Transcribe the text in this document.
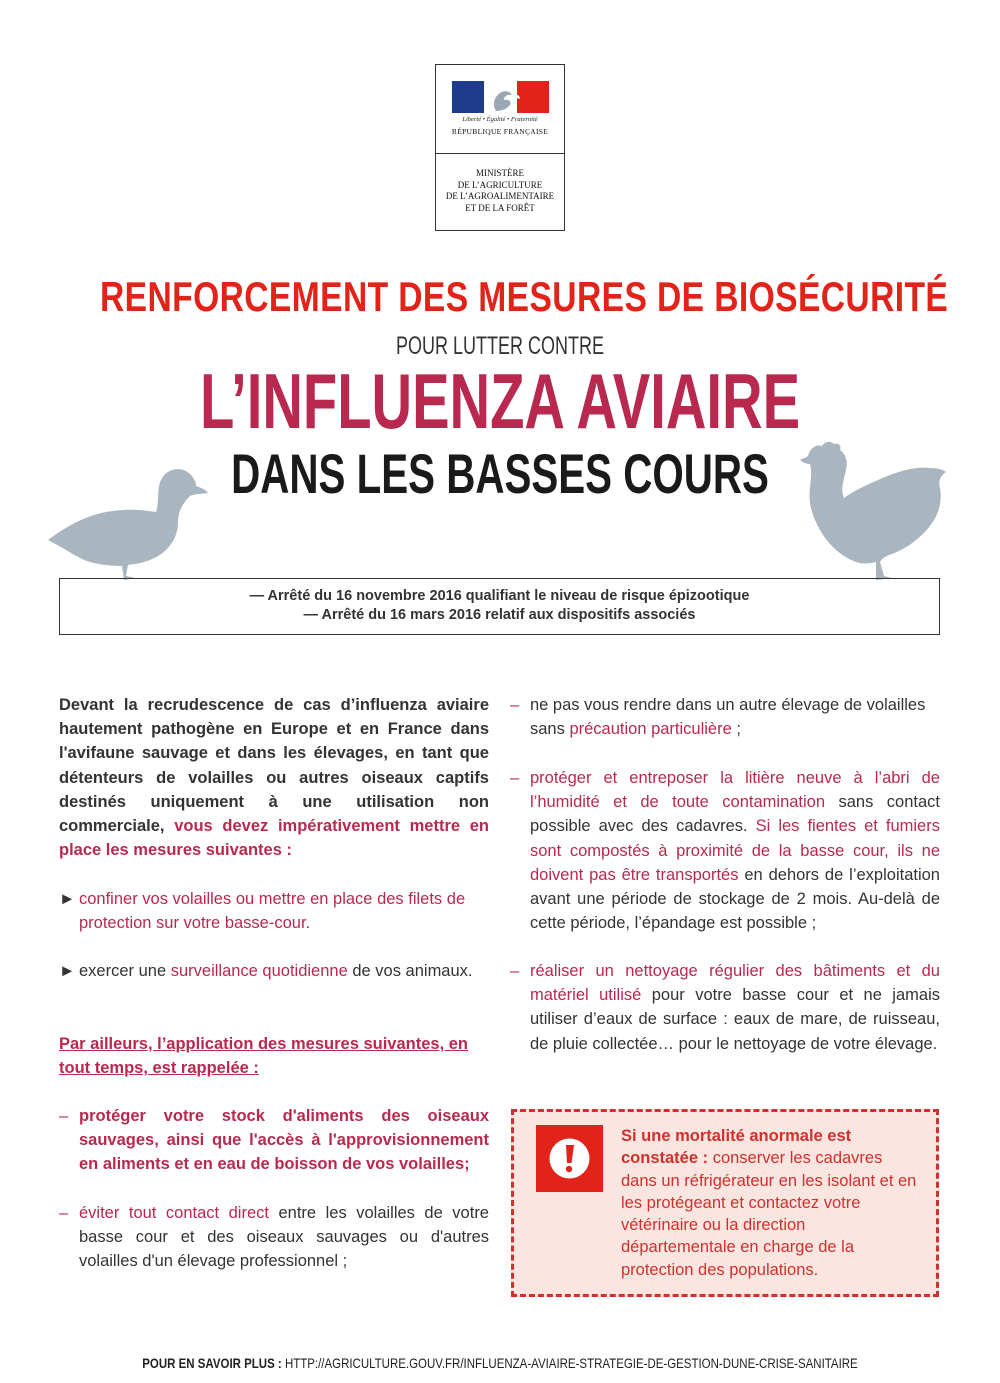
Liberté • Égalité • Fraternité
RÉPUBLIQUE FRANÇAISE
MINISTÈRE
DE L’AGRICULTURE
DE L’AGROALIMENTAIRE
ET DE LA FORÊT
RENFORCEMENT DES MESURES DE BIOSÉCURITÉ
POUR LUTTER CONTRE
L’INFLUENZA AVIAIRE
DANS LES BASSES COURS
— Arrêté du 16 novembre 2016 qualifiant le niveau de risque épizootique
— Arrêté du 16 mars 2016 relatif aux dispositifs associés
Devant la recrudescence de cas d’influenza aviaire hautement pathogène en Europe et en France dans l'avifaune sauvage et dans les élevages, en tant que détenteurs de volailles ou autres oiseaux captifs destinés uniquement à une utilisation non commerciale, vous devez impérativement mettre en place les mesures suivantes :
► confiner vos volailles ou mettre en place des filets de protection sur votre basse-cour.
► exercer une surveillance quotidienne de vos animaux.
Par ailleurs, l’application des mesures suivantes, en tout temps, est rappelée :
– protéger votre stock d'aliments des oiseaux sauvages, ainsi que l'accès à l'approvisionnement en aliments et en eau de boisson de vos volailles;
– éviter tout contact direct entre les volailles de votre basse cour et des oiseaux sauvages ou d'autres volailles d'un élevage professionnel ;
– ne pas vous rendre dans un autre élevage de volailles sans précaution particulière ;
– protéger et entreposer la litière neuve à l’abri de l’humidité et de toute contamination sans contact possible avec des cadavres. Si les fientes et fumiers sont compostés à proximité de la basse cour, ils ne doivent pas être transportés en dehors de l’exploitation avant une période de stockage de 2 mois. Au-delà de cette période, l’épandage est possible ;
– réaliser un nettoyage régulier des bâtiments et du matériel utilisé pour votre basse cour et ne jamais utiliser d’eaux de surface : eaux de mare, de ruisseau, de pluie collectée… pour le nettoyage de votre élevage.
Si une mortalité anormale est constatée : conserver les cadavres dans un réfrigérateur en les isolant et en les protégeant et contactez votre vétérinaire ou la direction départementale en charge de la protection des populations.
POUR EN SAVOIR PLUS : HTTP://AGRICULTURE.GOUV.FR/INFLUENZA-AVIAIRE-STRATEGIE-DE-GESTION-DUNE-CRISE-SANITAIRE
